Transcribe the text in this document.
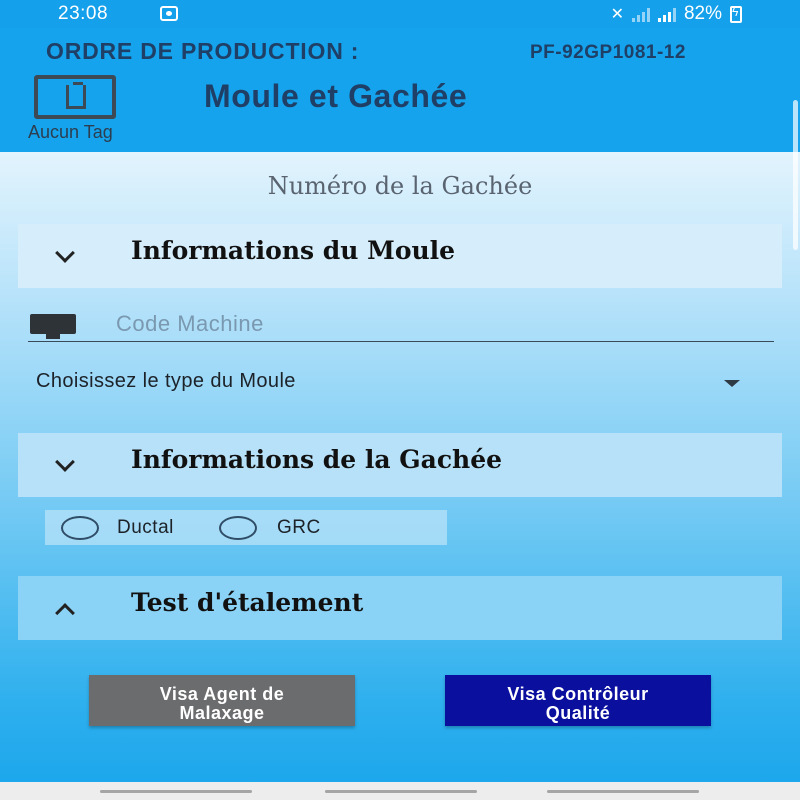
23:08	✕	82%
ϟ
ORDRE DE PRODUCTION :	PF-92GP1081-12
Aucun Tag
Moule et Gachée
Numéro de la Gachée
Informations du Moule
Code Machine
Choisissez le type du Moule
Informations de la Gachée
Ductal	GRC
Test d'étalement
Visa Agent de
Malaxage
Visa Contrôleur
Qualité
